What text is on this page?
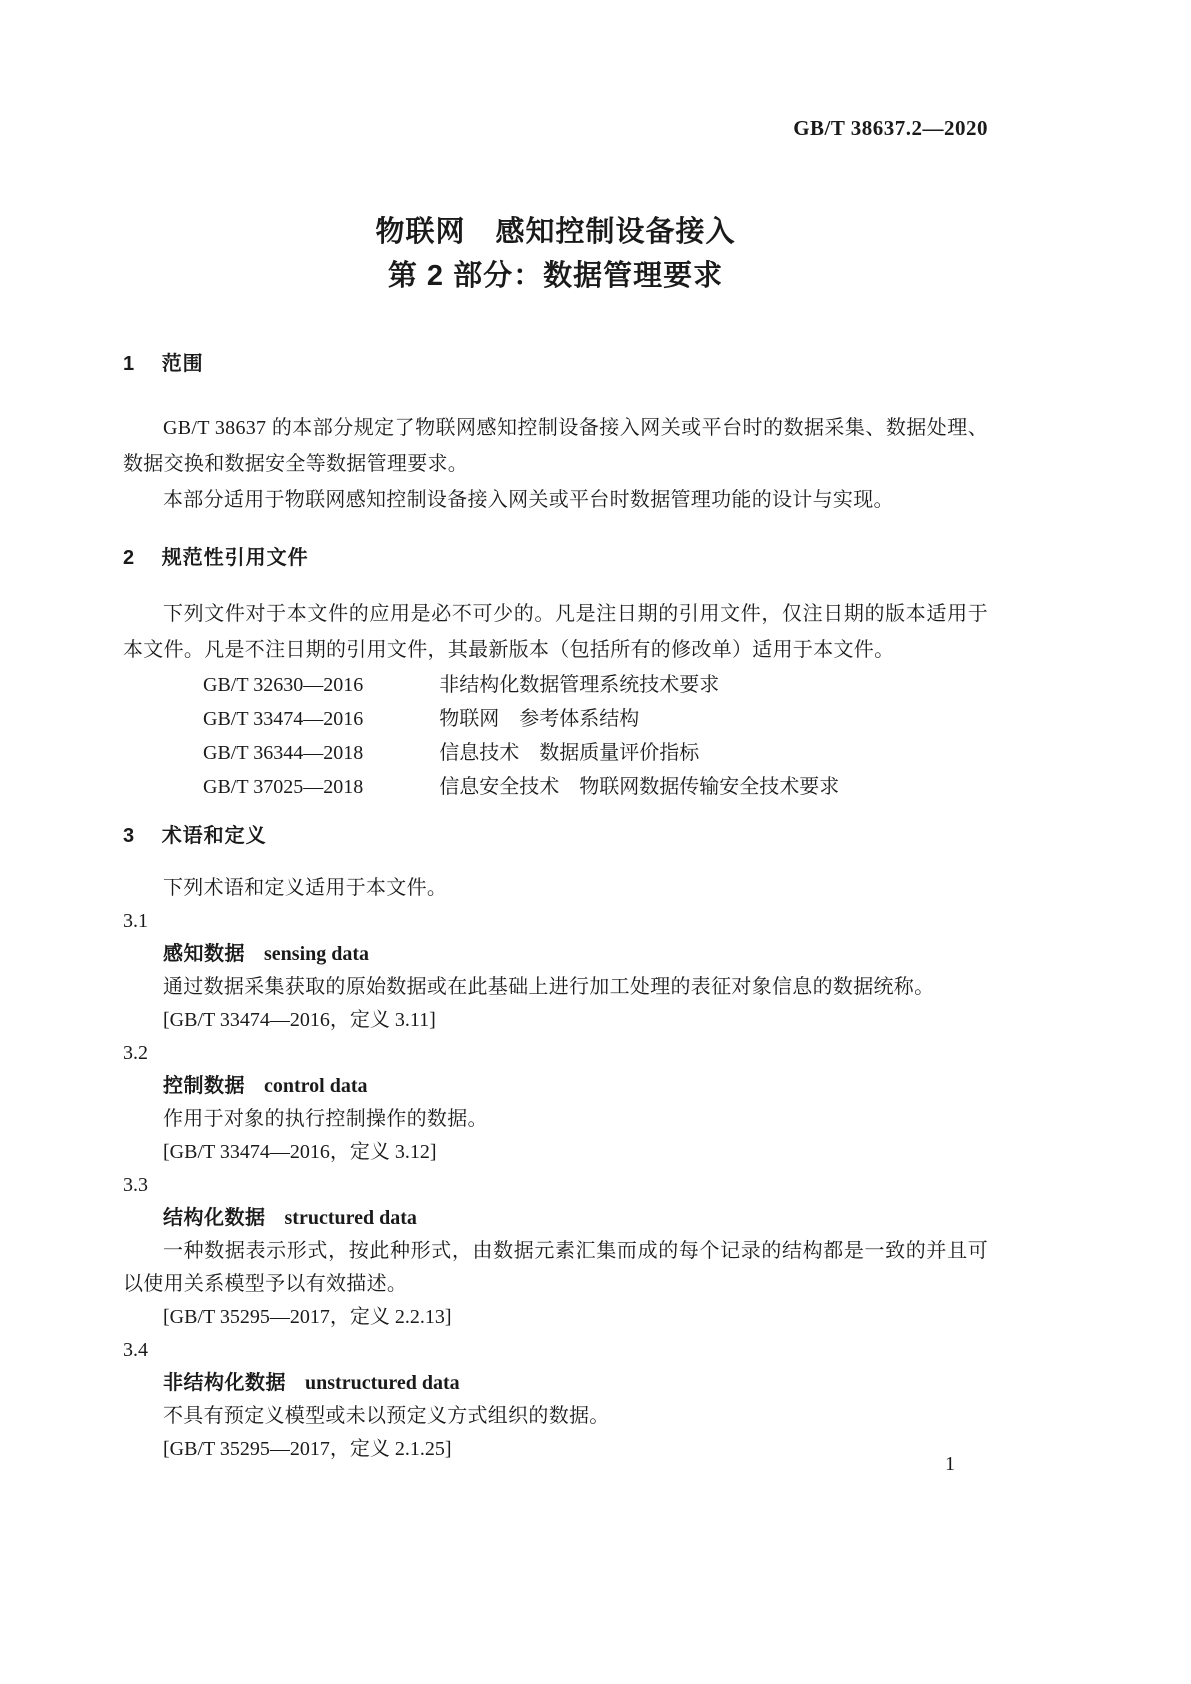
GB/T 38637.2—2020
物联网　感知控制设备接入
第 2 部分：数据管理要求
1 范围

GB/T 38637 的本部分规定了物联网感知控制设备接入网关或平台时的数据采集、数据处理、数据交换和数据安全等数据管理要求。

本部分适用于物联网感知控制设备接入网关或平台时数据管理功能的设计与实现。

2 规范性引用文件

下列文件对于本文件的应用是必不可少的。凡是注日期的引用文件，仅注日期的版本适用于本文件。凡是不注日期的引用文件，其最新版本（包括所有的修改单）适用于本文件。

GB/T 32630—2016	非结构化数据管理系统技术要求

GB/T 33474—2016	物联网　参考体系结构

GB/T 36344—2018	信息技术　数据质量评价指标

GB/T 37025—2018	信息安全技术　物联网数据传输安全技术要求

3 术语和定义

下列术语和定义适用于本文件。

3.1

感知数据 sensing data

通过数据采集获取的原始数据或在此基础上进行加工处理的表征对象信息的数据统称。

[GB/T 33474—2016，定义 3.11]

3.2

控制数据 control data

作用于对象的执行控制操作的数据。

[GB/T 33474—2016，定义 3.12]

3.3

结构化数据 structured data

一种数据表示形式，按此种形式，由数据元素汇集而成的每个记录的结构都是一致的并且可以使用关系模型予以有效描述。

[GB/T 35295—2017，定义 2.2.13]

3.4

非结构化数据 unstructured data

不具有预定义模型或未以预定义方式组织的数据。

[GB/T 35295—2017，定义 2.1.25]

1
